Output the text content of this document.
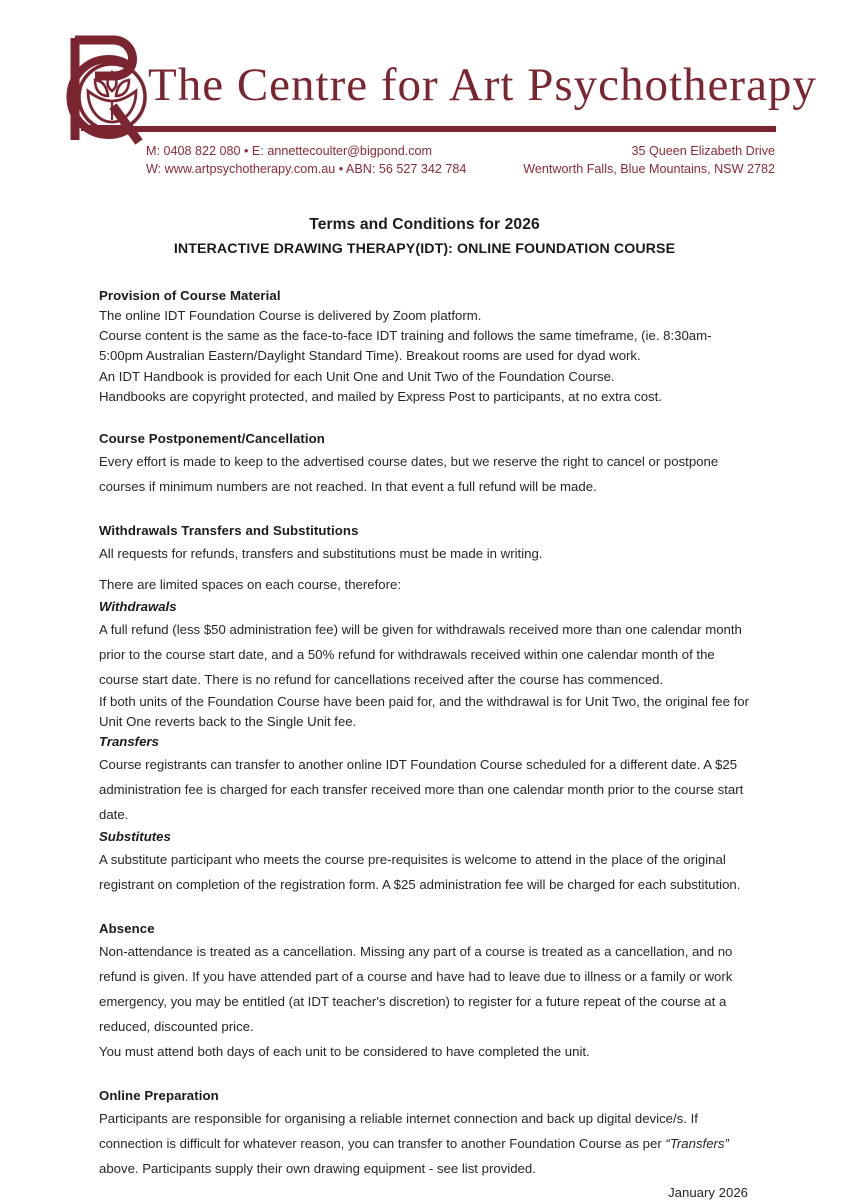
The Centre for Art Psychotherapy
M: 0408 822 080 • E: annettecoulter@bigpond.com
W: www.artpsychotherapy.com.au • ABN: 56 527 342 784
35 Queen Elizabeth Drive
Wentworth Falls, Blue Mountains, NSW 2782
Terms and Conditions for 2026
INTERACTIVE DRAWING THERAPY(IDT): ONLINE FOUNDATION COURSE
Provision of Course Material

The online IDT Foundation Course is delivered by Zoom platform.

Course content is the same as the face-to-face IDT training and follows the same timeframe, (ie. 8:30am-5:00pm Australian Eastern/Daylight Standard Time). Breakout rooms are used for dyad work.

An IDT Handbook is provided for each Unit One and Unit Two of the Foundation Course.

Handbooks are copyright protected, and mailed by Express Post to participants, at no extra cost.

Course Postponement/Cancellation

Every effort is made to keep to the advertised course dates, but we reserve the right to cancel or postpone courses if minimum numbers are not reached. In that event a full refund will be made.

Withdrawals Transfers and Substitutions

All requests for refunds, transfers and substitutions must be made in writing.

There are limited spaces on each course, therefore:

Withdrawals

A full refund (less $50 administration fee) will be given for withdrawals received more than one calendar month prior to the course start date, and a 50% refund for withdrawals received within one calendar month of the course start date. There is no refund for cancellations received after the course has commenced.

If both units of the Foundation Course have been paid for, and the withdrawal is for Unit Two, the original fee for Unit One reverts back to the Single Unit fee.

Transfers

Course registrants can transfer to another online IDT Foundation Course scheduled for a different date. A $25 administration fee is charged for each transfer received more than one calendar month prior to the course start date.

Substitutes

A substitute participant who meets the course pre-requisites is welcome to attend in the place of the original registrant on completion of the registration form. A $25 administration fee will be charged for each substitution.

Absence

Non-attendance is treated as a cancellation. Missing any part of a course is treated as a cancellation, and no refund is given. If you have attended part of a course and have had to leave due to illness or a family or work emergency, you may be entitled (at IDT teacher's discretion) to register for a future repeat of the course at a reduced, discounted price.

You must attend both days of each unit to be considered to have completed the unit.

Online Preparation

Participants are responsible for organising a reliable internet connection and back up digital device/s. If connection is difficult for whatever reason, you can transfer to another Foundation Course as per “Transfers” above. Participants supply their own drawing equipment - see list provided.

January 2026
